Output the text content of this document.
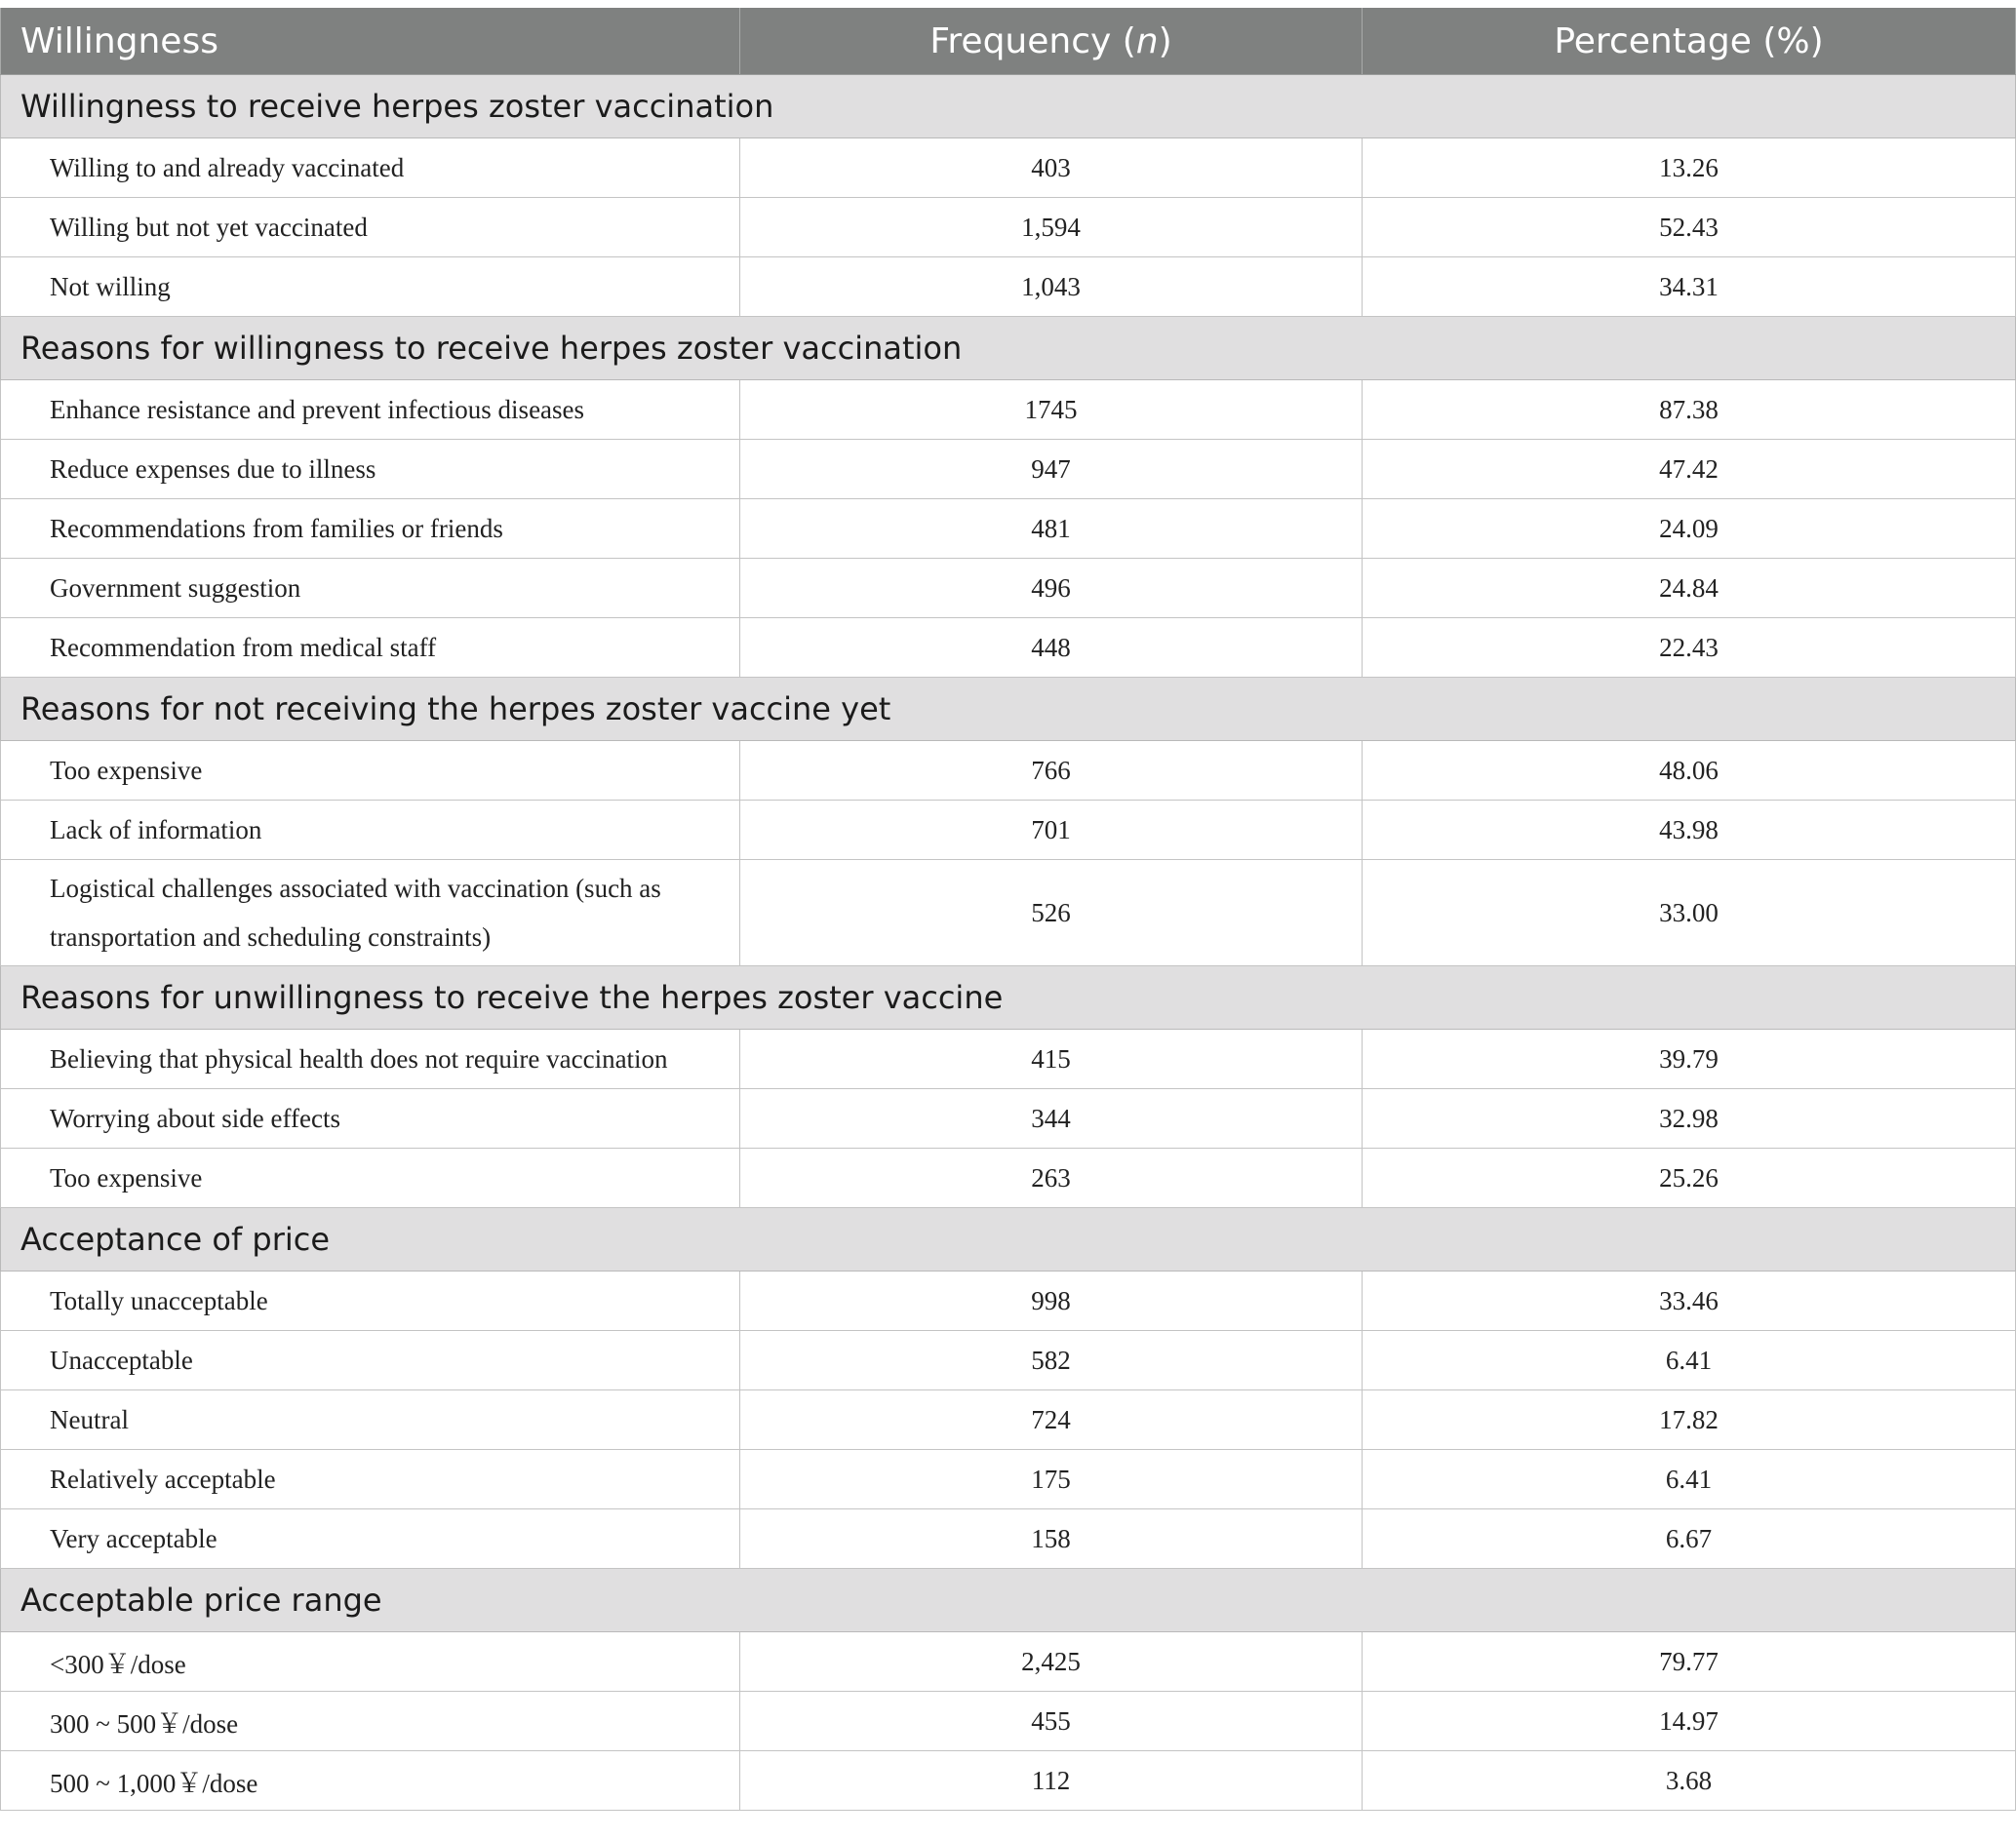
Willingness	Frequency (n)	Percentage (%)
Willingness to receive herpes zoster vaccination		
Willing to and already vaccinated	403	13.26
Willing but not yet vaccinated	1,594	52.43
Not willing	1,043	34.31
Reasons for willingness to receive herpes zoster vaccination		
Enhance resistance and prevent infectious diseases	1745	87.38
Reduce expenses due to illness	947	47.42
Recommendations from families or friends	481	24.09
Government suggestion	496	24.84
Recommendation from medical staff	448	22.43
Reasons for not receiving the herpes zoster vaccine yet		
Too expensive	766	48.06
Lack of information	701	43.98
Logistical challenges associated with vaccination (such as transportation and scheduling constraints)	526	33.00
Reasons for unwillingness to receive the herpes zoster vaccine		
Believing that physical health does not require vaccination	415	39.79
Worrying about side effects	344	32.98
Too expensive	263	25.26
Acceptance of price		
Totally unacceptable	998	33.46
Unacceptable	582	6.41
Neutral	724	17.82
Relatively acceptable	175	6.41
Very acceptable	158	6.67
Acceptable price range		
<300￥/dose	2,425	79.77
300 ~ 500￥/dose	455	14.97
500 ~ 1,000￥/dose	112	3.68
